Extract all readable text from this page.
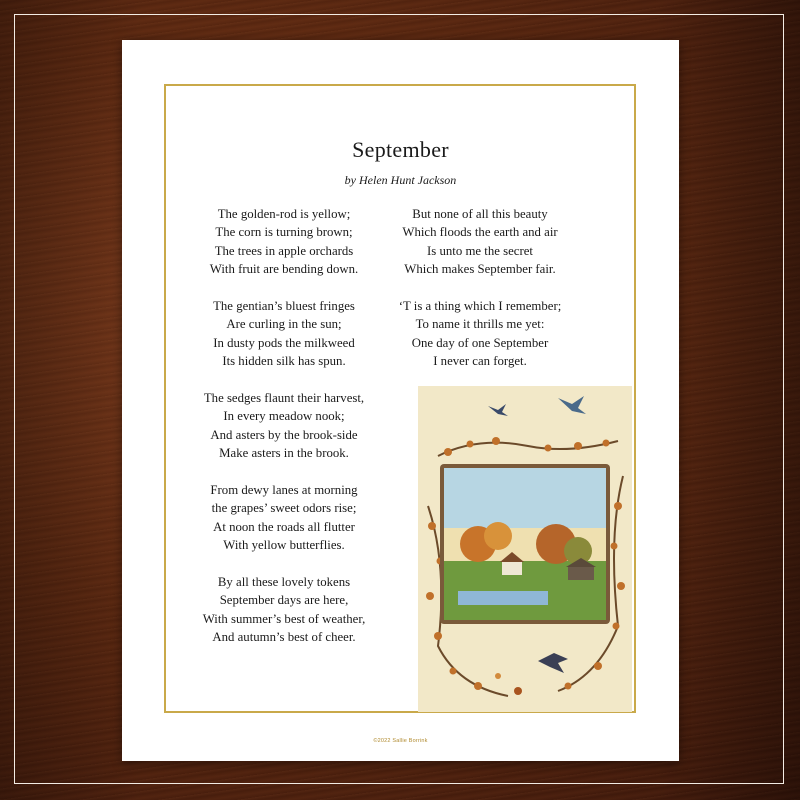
September
by Helen Hunt Jackson
The golden-rod is yellow;
The corn is turning brown;
The trees in apple orchards
With fruit are bending down.
The gentian’s bluest fringes
Are curling in the sun;
In dusty pods the milkweed
Its hidden silk has spun.
The sedges flaunt their harvest,
In every meadow nook;
And asters by the brook-side
Make asters in the brook.
From dewy lanes at morning
the grapes’ sweet odors rise;
At noon the roads all flutter
With yellow butterflies.
By all these lovely tokens
September days are here,
With summer’s best of weather,
And autumn’s best of cheer.
But none of all this beauty
Which floods the earth and air
Is unto me the secret
Which makes September fair.
‘T is a thing which I remember;
To name it thrills me yet:
One day of one September
I never can forget.
©2022 Sallie Borrink
